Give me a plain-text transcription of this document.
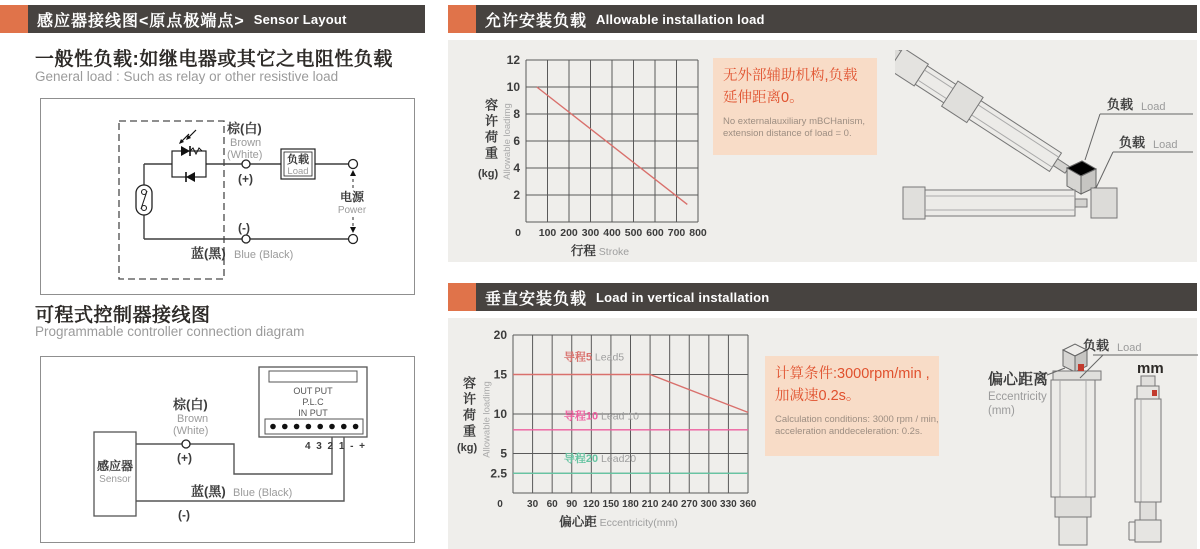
感应器接线图<原点极端点> Sensor Layout
一般性负载:如继电器或其它之电阻性负载
General load : Such as relay or other resistive load
棕(白)
Brown
(White)
(+)
负载
Load
电源
Power
(-)
蓝(黑) Blue (Black)
可程式控制器接线图
Programmable controller connection diagram
OUT PUT
P.L.C
IN PUT
4 3 2 1 - +
感应器
Sensor
棕(白)
Brown
(White)
(+)
蓝(黑) Blue (Black)
(-)
允许安装负载 Allowable installation load
0 100 200 300 400 500 600 700 800
2
4
6
8
10
12
行程 Stroke
容许荷重
(kg) Allowable loadimg
无外部辅助机构,负载
延伸距离0。
No externalauxiliary mBCHanism,
extension distance of load = 0.
负载 Load
负载 Load
垂直安装负载 Load in vertical installation
导程5 Lead5
导程10 Lead 10
导程20 Lead20
0 30 60 90 120 150 180 210 240 270 300 330 360
2.5
5
10
15
20
偏心距 Eccentricity(mm)
容许荷重
(kg) Allowable loadimg
计算条件:3000rpm/min ,
加减速0.2s。
Calculation conditions: 3000 rpm / min,
acceleration anddeceleration: 0.2s.
负载 Load
mm
偏心距离
Eccentricity
(mm)
